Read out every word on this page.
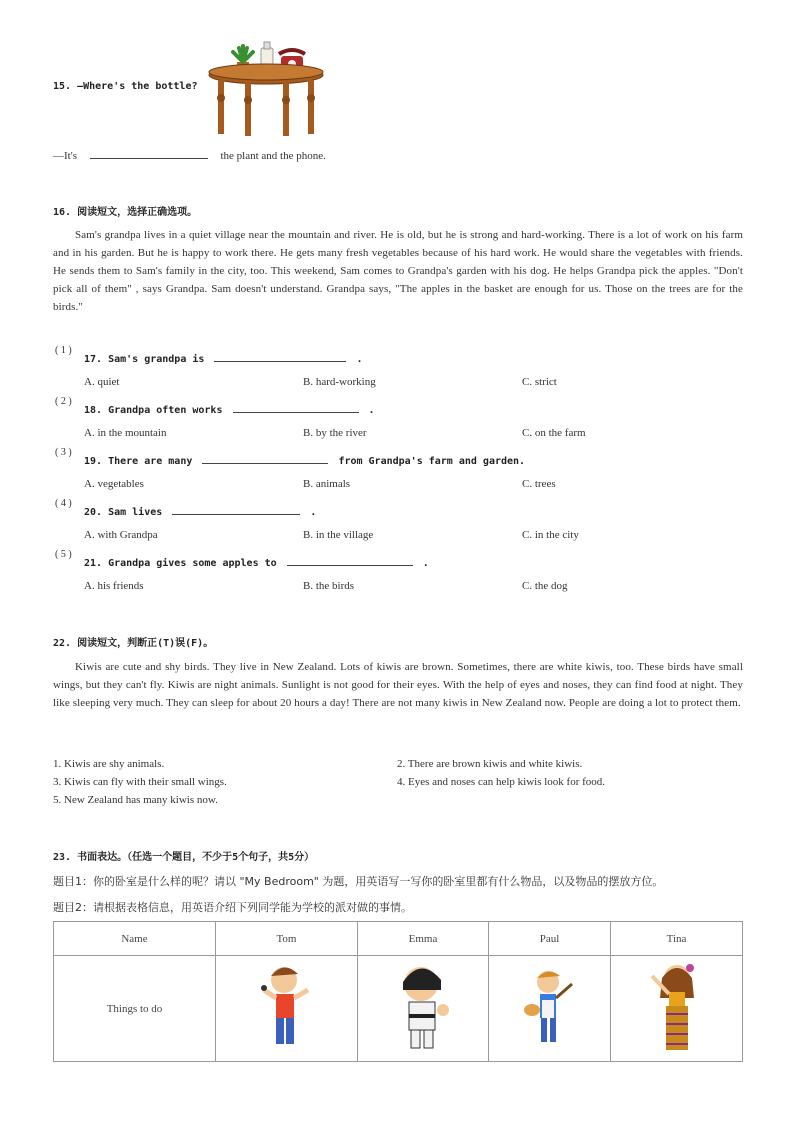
15. —Where's the bottle?
—It's	the plant and the phone.
16. 阅读短文，选择正确选项。
Sam's grandpa lives in a quiet village near the mountain and river. He is old, but he is strong and hard-working. There is a lot of work on his farm and in his garden. But he is happy to work there. He gets many fresh vegetables because of his hard work. He would share the vegetables with friends. He sends them to Sam's family in the city, too. This weekend, Sam comes to Grandpa's garden with his dog. He helps Grandpa pick the apples. "Don't pick all of them" , says Grandpa. Sam doesn't understand. Grandpa says, "The apples in the basket are enough for us. Those on the trees are for the birds."
( 1 )
17. Sam's grandpa is	.
A. quiet	B. hard-working	C. strict
( 2 )
18. Grandpa often works	.
A. in the mountain	B. by the river	C. on the farm
( 3 )
19. There are many	from Grandpa's farm and garden.
A. vegetables	B. animals	C. trees
( 4 )
20. Sam lives	.
A. with Grandpa	B. in the village	C. in the city
( 5 )
21. Grandpa gives some apples to	.
A. his friends	B. the birds	C. the dog
22. 阅读短文，判断正(T)误(F)。
Kiwis are cute and shy birds. They live in New Zealand. Lots of kiwis are brown. Sometimes, there are white kiwis, too. These birds have small wings, but they can't fly. Kiwis are night animals. Sunlight is not good for their eyes. With the help of eyes and noses, they can find food at night. They like sleeping very much. They can sleep for about 20 hours a day! There are not many kiwis in New Zealand now. People are doing a lot to protect them.
1. Kiwis are shy animals.	2. There are brown kiwis and white kiwis.
3. Kiwis can fly with their small wings.	4. Eyes and noses can help kiwis look for food.
5. New Zealand has many kiwis now.
23. 书面表达。（任选一个题目，不少于5个句子，共5分）
题目1：你的卧室是什么样的呢？请以 "My Bedroom" 为题，用英语写一写你的卧室里都有什么物品，以及物品的摆放方位。
题目2：请根据表格信息，用英语介绍下列同学能为学校的派对做的事情。
Name	Tom	Emma	Paul	Tina
Things to do				
